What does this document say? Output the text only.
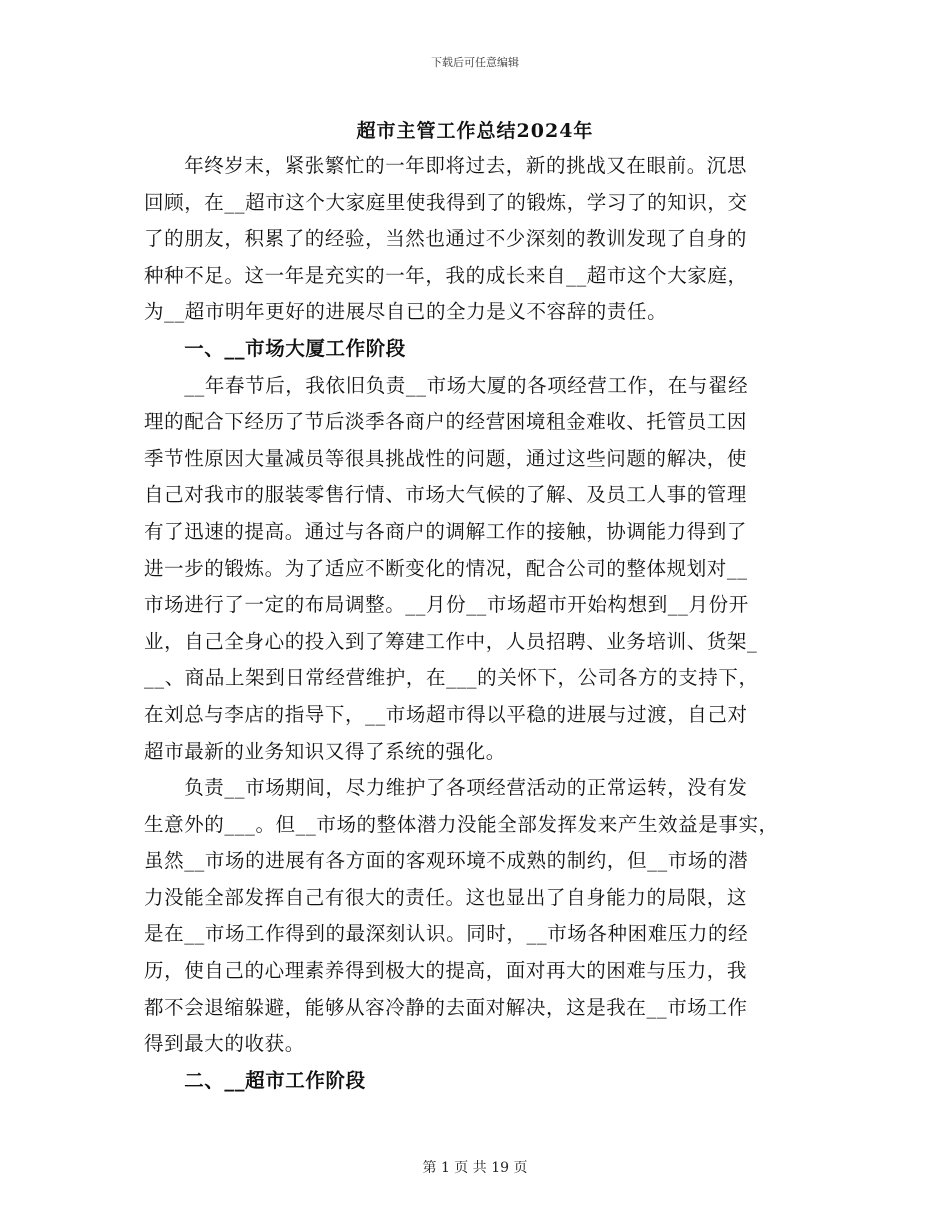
下载后可任意编辑
超市主管工作总结2024年
　　年终岁末，紧张繁忙的一年即将过去，新的挑战又在眼前。沉思
回顾，在__超市这个大家庭里使我得到了的锻炼，学习了的知识，交
了的朋友，积累了的经验，当然也通过不少深刻的教训发现了自身的
种种不足。这一年是充实的一年，我的成长来自__超市这个大家庭，
为__超市明年更好的进展尽自已的全力是义不容辞的责任。
　　一、__市场大厦工作阶段
　　__年春节后，我依旧负责__市场大厦的各项经营工作，在与翟经
理的配合下经历了节后淡季各商户的经营困境租金难收、托管员工因
季节性原因大量减员等很具挑战性的问题，通过这些问题的解决，使
自己对我市的服装零售行情、市场大气候的了解、及员工人事的管理
有了迅速的提高。通过与各商户的调解工作的接触，协调能力得到了
进一步的锻炼。为了适应不断变化的情况，配合公司的整体规划对__
市场进行了一定的布局调整。__月份__市场超市开始构想到__月份开
业，自己全身心的投入到了筹建工作中，人员招聘、业务培训、货架_
__、商品上架到日常经营维护，在___的关怀下，公司各方的支持下，
在刘总与李店的指导下，__市场超市得以平稳的进展与过渡，自己对
超市最新的业务知识又得了系统的强化。
　　负责__市场期间，尽力维护了各项经营活动的正常运转，没有发
生意外的___。但__市场的整体潜力没能全部发挥发来产生效益是事实，
虽然__市场的进展有各方面的客观环境不成熟的制约，但__市场的潜
力没能全部发挥自己有很大的责任。这也显出了自身能力的局限，这
是在__市场工作得到的最深刻认识。同时，__市场各种困难压力的经
历，使自己的心理素养得到极大的提高，面对再大的困难与压力，我
都不会退缩躲避，能够从容冷静的去面对解决，这是我在__市场工作
得到最大的收获。
　　二、__超市工作阶段
第 1 页 共 19 页
